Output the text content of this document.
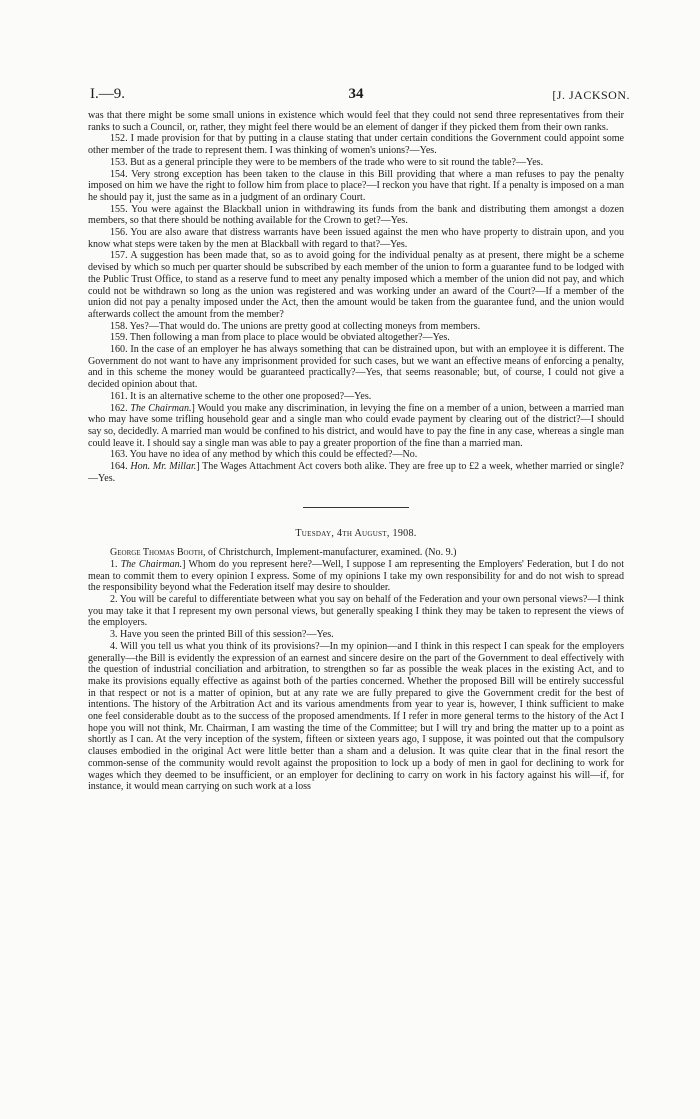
I.—9.	34	[J. JACKSON.

was that there might be some small unions in existence which would feel that they could not send three representatives from their ranks to such a Council, or, rather, they might feel there would be an element of danger if they picked them from their own ranks.

152. I made provision for that by putting in a clause stating that under certain conditions the Government could appoint some other member of the trade to represent them. I was thinking of women's unions?—Yes.

153. But as a general principle they were to be members of the trade who were to sit round the table?—Yes.

154. Very strong exception has been taken to the clause in this Bill providing that where a man refuses to pay the penalty imposed on him we have the right to follow him from place to place?—I reckon you have that right. If a penalty is imposed on a man he should pay it, just the same as in a judgment of an ordinary Court.

155. You were against the Blackball union in withdrawing its funds from the bank and distributing them amongst a dozen members, so that there should be nothing available for the Crown to get?—Yes.

156. You are also aware that distress warrants have been issued against the men who have property to distrain upon, and you know what steps were taken by the men at Blackball with regard to that?—Yes.

157. A suggestion has been made that, so as to avoid going for the individual penalty as at present, there might be a scheme devised by which so much per quarter should be subscribed by each member of the union to form a guarantee fund to be lodged with the Public Trust Office, to stand as a reserve fund to meet any penalty imposed which a member of the union did not pay, and which could not be withdrawn so long as the union was registered and was working under an award of the Court?—If a member of the union did not pay a penalty imposed under the Act, then the amount would be taken from the guarantee fund, and the union would afterwards collect the amount from the member?

158. Yes?—That would do. The unions are pretty good at collecting moneys from members.

159. Then following a man from place to place would be obviated altogether?—Yes.

160. In the case of an employer he has always something that can be distrained upon, but with an employee it is different. The Government do not want to have any imprisonment provided for such cases, but we want an effective means of enforcing a penalty, and in this scheme the money would be guaranteed practically?—Yes, that seems reasonable; but, of course, I could not give a decided opinion about that.

161. It is an alternative scheme to the other one proposed?—Yes.

162. The Chairman.] Would you make any discrimination, in levying the fine on a member of a union, between a married man who may have some trifling household gear and a single man who could evade payment by clearing out of the district?—I should say so, decidedly. A married man would be confined to his district, and would have to pay the fine in any case, whereas a single man could leave it. I should say a single man was able to pay a greater proportion of the fine than a married man.

163. You have no idea of any method by which this could be effected?—No.

164. Hon. Mr. Millar.] The Wages Attachment Act covers both alike. They are free up to £2 a week, whether married or single?—Yes.

Tuesday, 4th August, 1908.

George Thomas Booth, of Christchurch, Implement-manufacturer, examined. (No. 9.)

1. The Chairman.] Whom do you represent here?—Well, I suppose I am representing the Employers' Federation, but I do not mean to commit them to every opinion I express. Some of my opinions I take my own responsibility for and do not wish to spread the responsibility beyond what the Federation itself may desire to shoulder.

2. You will be careful to differentiate between what you say on behalf of the Federation and your own personal views?—I think you may take it that I represent my own personal views, but generally speaking I think they may be taken to represent the views of the employers.

3. Have you seen the printed Bill of this session?—Yes.

4. Will you tell us what you think of its provisions?—In my opinion—and I think in this respect I can speak for the employers generally—the Bill is evidently the expression of an earnest and sincere desire on the part of the Government to deal effectively with the question of industrial conciliation and arbitration, to strengthen so far as possible the weak places in the existing Act, and to make its provisions equally effective as against both of the parties concerned. Whether the proposed Bill will be entirely successful in that respect or not is a matter of opinion, but at any rate we are fully prepared to give the Government credit for the best of intentions. The history of the Arbitration Act and its various amendments from year to year is, however, I think sufficient to make one feel considerable doubt as to the success of the proposed amendments. If I refer in more general terms to the history of the Act I hope you will not think, Mr. Chairman, I am wasting the time of the Committee; but I will try and bring the matter up to a point as shortly as I can. At the very inception of the system, fifteen or sixteen years ago, I suppose, it was pointed out that the compulsory clauses embodied in the original Act were little better than a sham and a delusion. It was quite clear that in the final resort the common-sense of the community would revolt against the proposition to lock up a body of men in gaol for declining to work for wages which they deemed to be insufficient, or an employer for declining to carry on work in his factory against his will—if, for instance, it would mean carrying on such work at a loss
